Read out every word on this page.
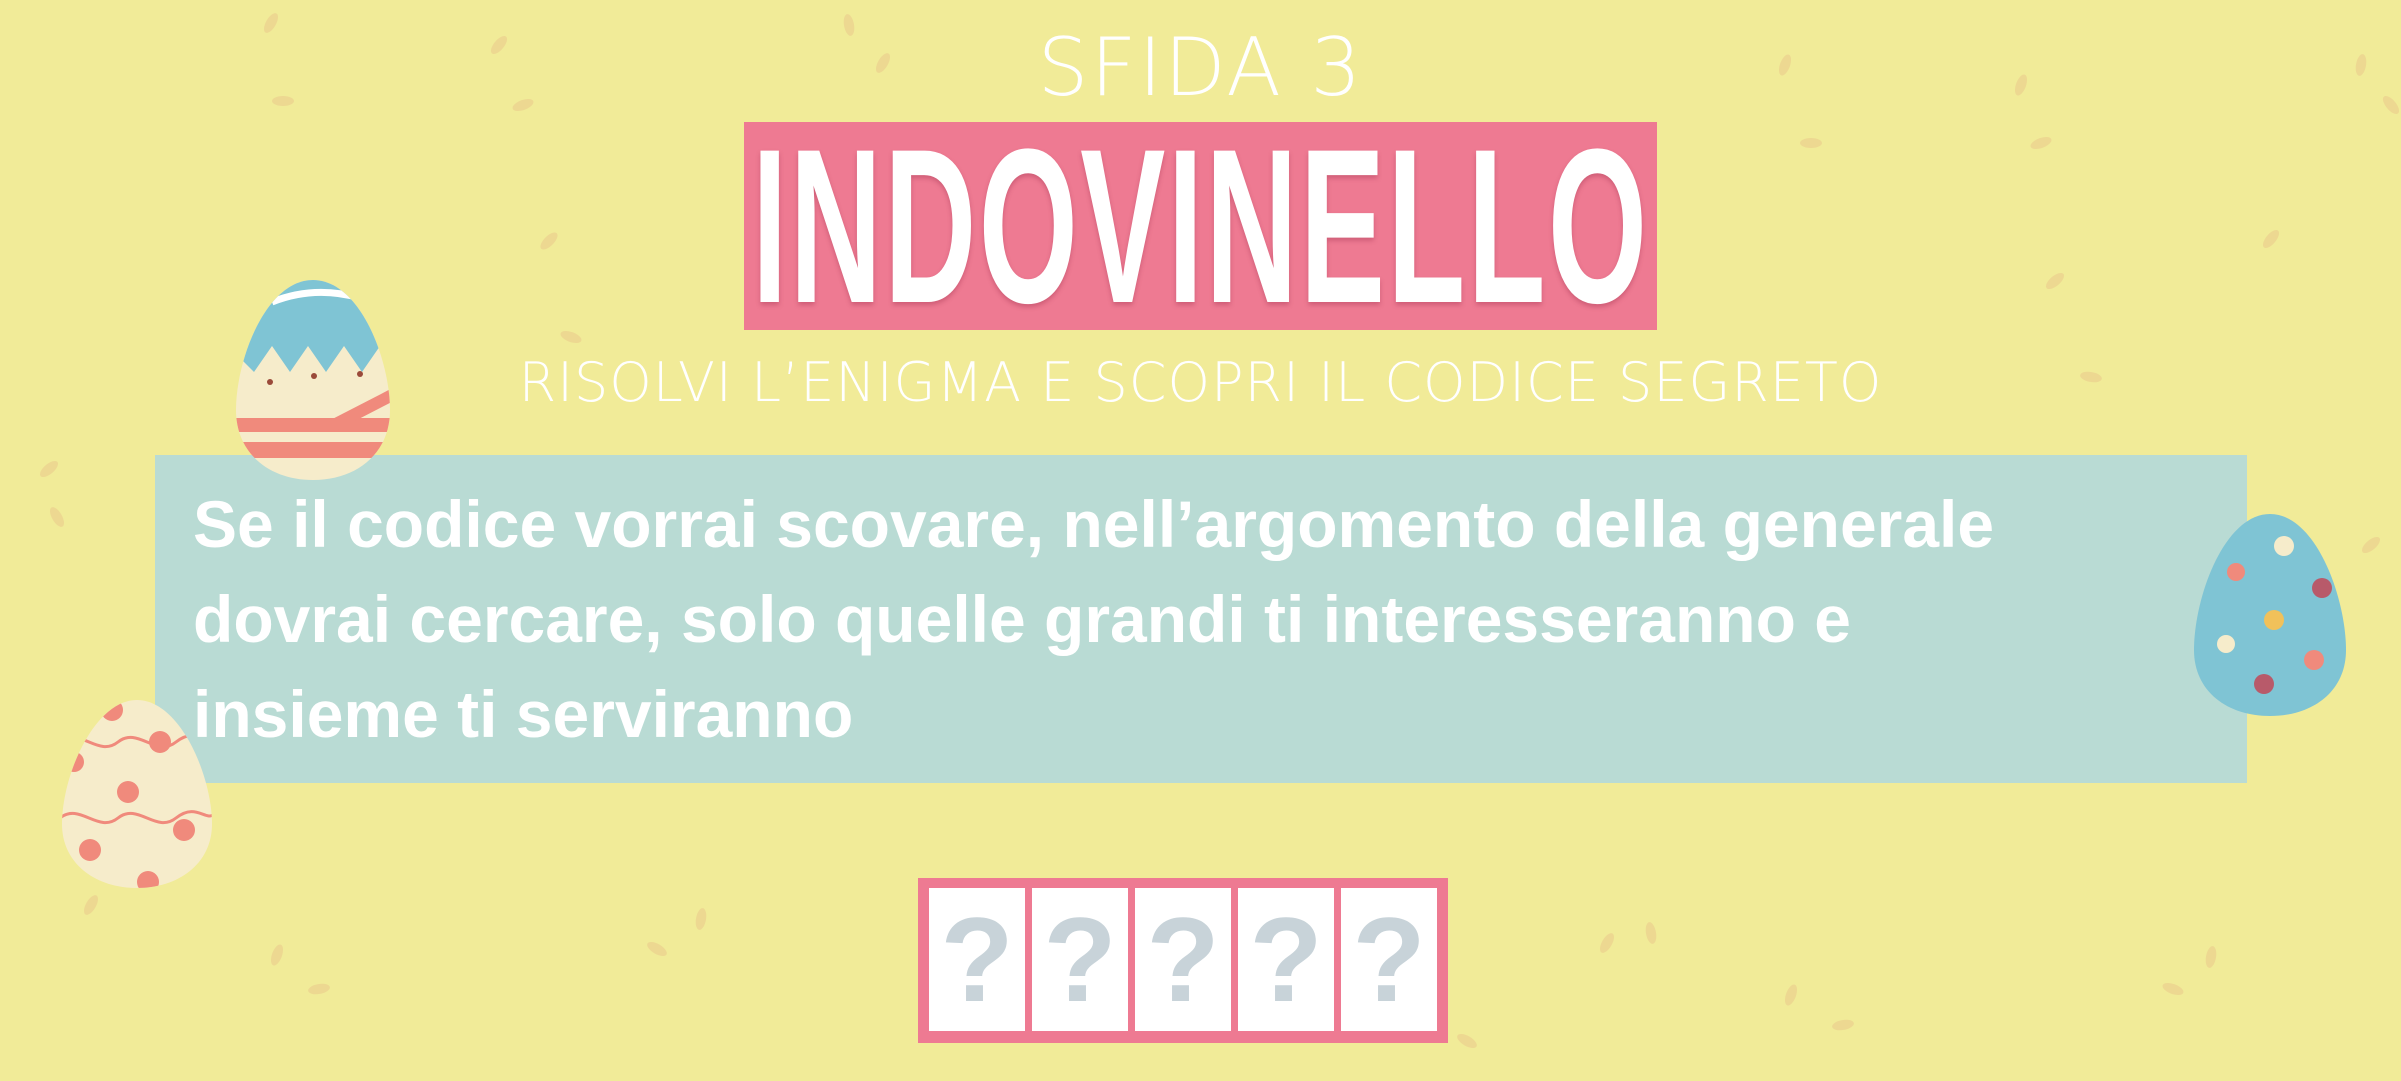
SFIDA 3
INDOVINELLO
RISOLVI L’ENIGMA E SCOPRI IL CODICE SEGRETO
Se il codice vorrai scovare, nell’argomento della generale
dovrai cercare, solo quelle grandi ti interesseranno e
insieme ti serviranno
? ? ? ? ?
